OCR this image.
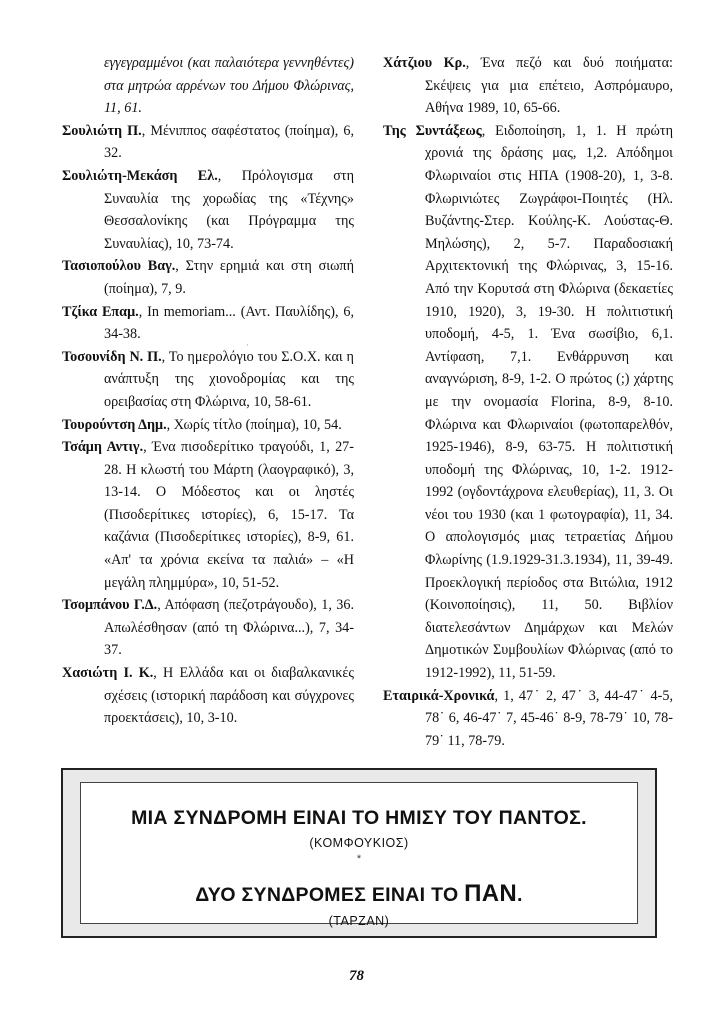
εγγεγραμμένοι (και παλαιότερα γεννηθέντες) στα μητρώα αρρένων του Δήμου Φλώρινας, 11, 61.

Σουλιώτη Π., Μένιππος σαφέστατος (ποίημα), 6, 32.

Σουλιώτη-Μεκάση Ελ., Πρόλογισμα στη Συναυλία της χορωδίας της «Τέχνης» Θεσσαλονίκης (και Πρόγραμμα της Συναυλίας), 10, 73-74.

Τασιοπούλου Βαγ., Στην ερημιά και στη σιωπή (ποίημα), 7, 9.

Τζίκα Επαμ., In memoriam... (Αντ. Παυλίδης), 6, 34-38.

Τοσουνίδη Ν. Π., Το ημερολόγιο του Σ.Ο.Χ. και η ανάπτυξη της χιονοδρομίας και της ορειβασίας στη Φλώρινα, 10, 58-61.

Τουρούντση Δημ., Χωρίς τίτλο (ποίημα), 10, 54.

Τσάμη Αντιγ., Ένα πισοδερίτικο τραγούδι, 1, 27-28. Η κλωστή του Μάρτη (λαογραφικό), 3, 13-14. Ο Μόδεστος και οι ληστές (Πισοδερίτικες ιστορίες), 6, 15-17. Τα καζάνια (Πισοδερίτικες ιστορίες), 8-9, 61. «Απ' τα χρόνια εκείνα τα παλιά» – «Η μεγάλη πλημμύρα», 10, 51-52.

Τσομπάνου Γ.Δ., Απόφαση (πεζοτράγουδο), 1, 36. Απωλέσθησαν (από τη Φλώρινα...), 7, 34-37.

Χασιώτη Ι. Κ., Η Ελλάδα και οι διαβαλκανικές σχέσεις (ιστορική παράδοση και σύγχρονες προεκτάσεις), 10, 3-10.

Χάτζιου Κρ., Ένα πεζό και δυό ποιήματα: Σκέψεις για μια επέτειο, Ασπρόμαυρο, Αθήνα 1989, 10, 65-66.

Της Συντάξεως, Ειδοποίηση, 1, 1. Η πρώτη χρονιά της δράσης μας, 1,2. Απόδημοι Φλωριναίοι στις ΗΠΑ (1908-20), 1, 3-8. Φλωρινιώτες Ζωγράφοι-Ποιητές (Ηλ. Βυζάντης-Στερ. Κούλης-Κ. Λούστας-Θ. Μηλώσης), 2, 5-7. Παραδοσιακή Αρχιτεκτονική της Φλώρινας, 3, 15-16. Από την Κορυτσά στη Φλώρινα (δεκαετίες 1910, 1920), 3, 19-30. Η πολιτιστική υποδομή, 4-5, 1. Ένα σωσίβιο, 6,1. Αντίφαση, 7,1. Ενθάρρυνση και αναγνώριση, 8-9, 1-2. Ο πρώτος (;) χάρτης με την ονομασία Florina, 8-9, 8-10. Φλώρινα και Φλωριναίοι (φωτοπαρελθόν, 1925-1946), 8-9, 63-75. Η πολιτιστική υποδομή της Φλώρινας, 10, 1-2. 1912-1992 (ογδοντάχρονα ελευθερίας), 11, 3. Οι νέοι του 1930 (και 1 φωτογραφία), 11, 34. Ο απολογισμός μιας τετραετίας Δήμου Φλωρίνης (1.9.1929-31.3.1934), 11, 39-49. Προεκλογική περίοδος στα Βιτώλια, 1912 (Κοινοποίησις), 11, 50. Βιβλίον διατελεσάντων Δημάρχων και Μελών Δημοτικών Συμβουλίων Φλώρινας (από το 1912-1992), 11, 51-59.

Εταιρικά-Χρονικά, 1, 47˙ 2, 47˙ 3, 44-47˙ 4-5, 78˙ 6, 46-47˙ 7, 45-46˙ 8-9, 78-79˙ 10, 78-79˙ 11, 78-79.

·
ΜΙΑ ΣΥΝΔΡΟΜΗ ΕΙΝΑΙ ΤΟ ΗΜΙΣΥ ΤΟΥ ΠΑΝΤΟΣ.
(ΚΟΜΦΟΥΚΙΟΣ)
*
ΔΥΟ ΣΥΝΔΡΟΜΕΣ ΕΙΝΑΙ ΤΟ ΠΑΝ.
(ΤΑΡΖΑΝ)
78
